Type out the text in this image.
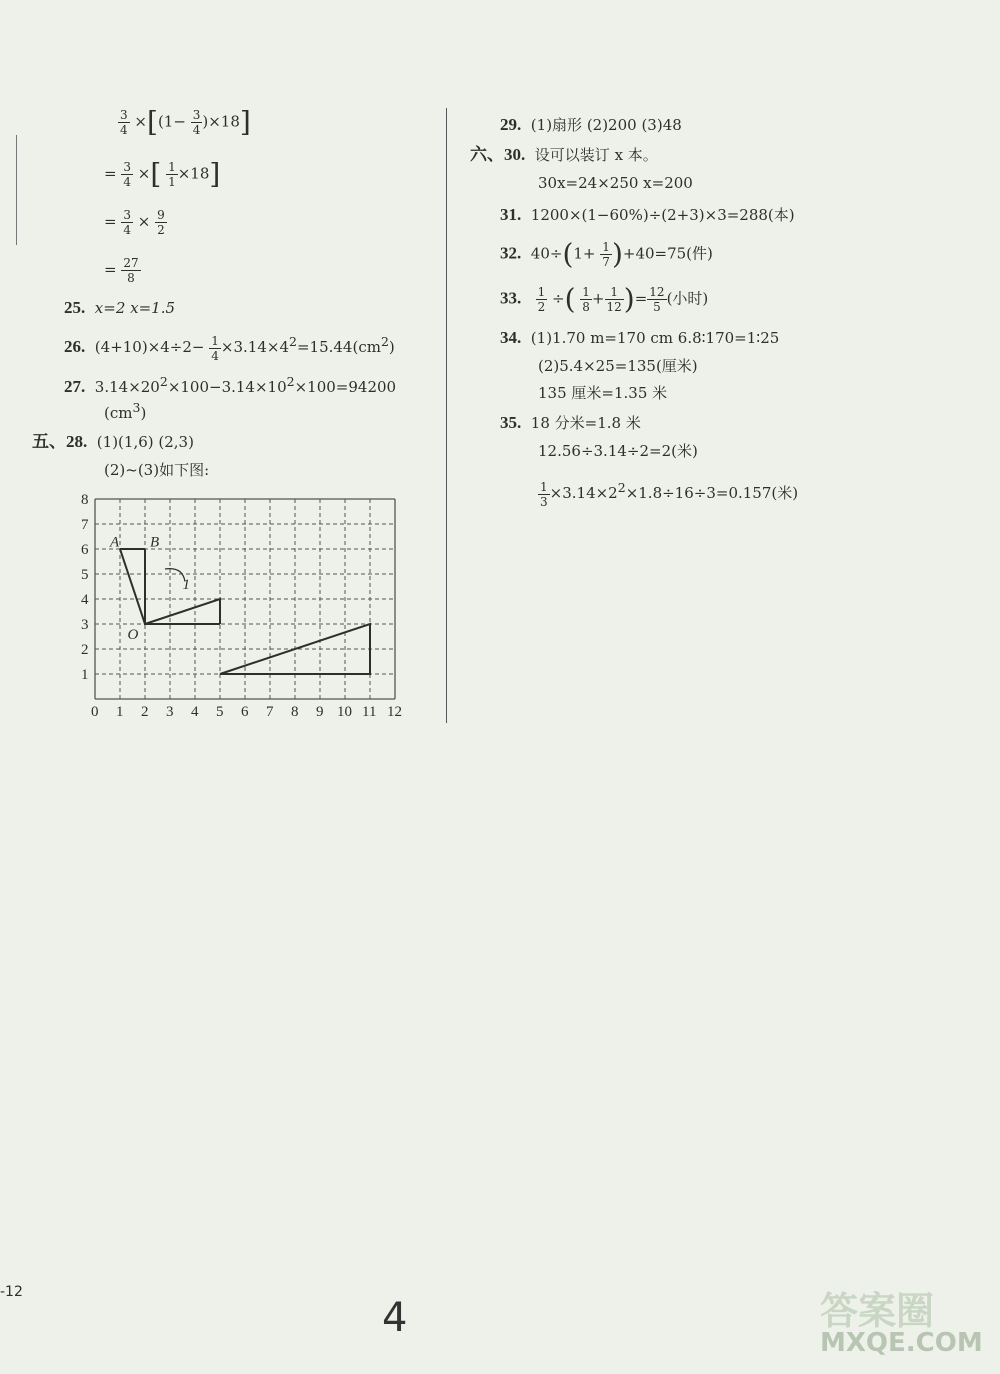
$\frac{3}{4} \times[(1- \frac{3}{4} )\times 18]$
= $\frac{3}{4}$ ×[ $\frac{1}{1} \times 18$]
= $\frac{3}{4} \times \frac{9}{2}$
= $\frac{27}{8}$
25. x=2 x=1.5
26. $(4+10)\times 4\div 2- \frac{1}{4} \times 3.14\times 4^2=15.44(cm^2)$
27. $3.14\times 20^2\times 100-3.14\times 10^2\times 100=94200$
$(cm^3)$
五、28. (1)(1,6) (2,3)
(2)~(3)如下图:
0 1 2 3 4 5 6 7 8 9 10 11 12
1
2
3
4
5
6
7
8
A B
O
1
29. (1)扇形 (2)200 (3)48
六、30. 设可以装订 x 本。
30x=24×250 x=200
31. 1200×(1−60%)÷(2+3)×3=288(本)
32. $40\div(1+ \frac{1}{7} )+40=75$(件)
33. $\frac{1}{2}$ ÷( $\frac{1}{8} + \frac{1}{12}$ )= $\frac{12}{5}$ (小时)
34. (1)1.70 m=170 cm 6.8∶170=1∶25
(2)5.4×25=135(厘米)
135 厘米=1.35 米
35. 18 分米=1.8 米
12.56÷3.14÷2=2(米)
$\frac{1}{3} \times 3.14\times 2^2\times 1.8\div 16\div 3=0.157$(米)
-12
4	答案圈
MXQE.COM
